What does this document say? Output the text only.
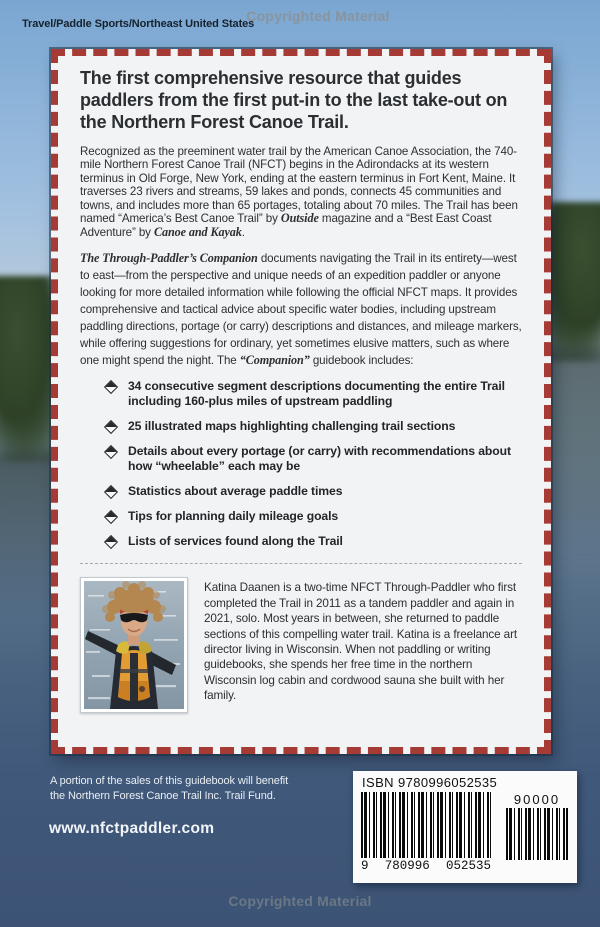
Copyrighted Material
Travel/Paddle Sports/Northeast United States
The first comprehensive resource that guides paddlers from the first put-in to the last take-out on the Northern Forest Canoe Trail.

Recognized as the preeminent water trail by the American Canoe Association, the 740-mile Northern Forest Canoe Trail (NFCT) begins in the Adirondacks at its western terminus in Old Forge, New York, ending at the eastern terminus in Fort Kent, Maine. It traverses 23 rivers and streams, 59 lakes and ponds, connects 45 communities and towns, and includes more than 65 portages, totaling about 70 miles. The Trail has been named “America’s Best Canoe Trail” by Outside magazine and a “Best East Coast Adventure” by Canoe and Kayak.

The Through-Paddler’s Companion documents navigating the Trail in its entirety—west to east—from the perspective and unique needs of an expedition paddler or anyone looking for more detailed information while following the official NFCT maps. It provides comprehensive and tactical advice about specific water bodies, including upstream paddling directions, portage (or carry) descriptions and distances, and mileage markers, while offering suggestions for ordinary, yet sometimes elusive matters, such as where one might spend the night. The “Companion” guidebook includes:

34 consecutive segment descriptions documenting the entire Trail including 160-plus miles of upstream paddling
25 illustrated maps highlighting challenging trail sections
Details about every portage (or carry) with recommendations about how “wheelable” each may be
Statistics about average paddle times
Tips for planning daily mileage goals
Lists of services found along the Trail
Katina Daanen is a two-time NFCT Through-Paddler who first completed the Trail in 2011 as a tandem paddler and again in 2021, solo. Most years in between, she returned to paddle sections of this compelling water trail. Katina is a freelance art director living in Wisconsin. When not paddling or writing guidebooks, she spends her free time in the northern Wisconsin log cabin and cordwood sauna she built with her family.
A portion of the sales of this guidebook will benefit
the Northern Forest Canoe Trail Inc. Trail Fund.
www.nfctpaddler.com
ISBN 9780996052535
9 780996 052535
90000
Copyrighted Material
